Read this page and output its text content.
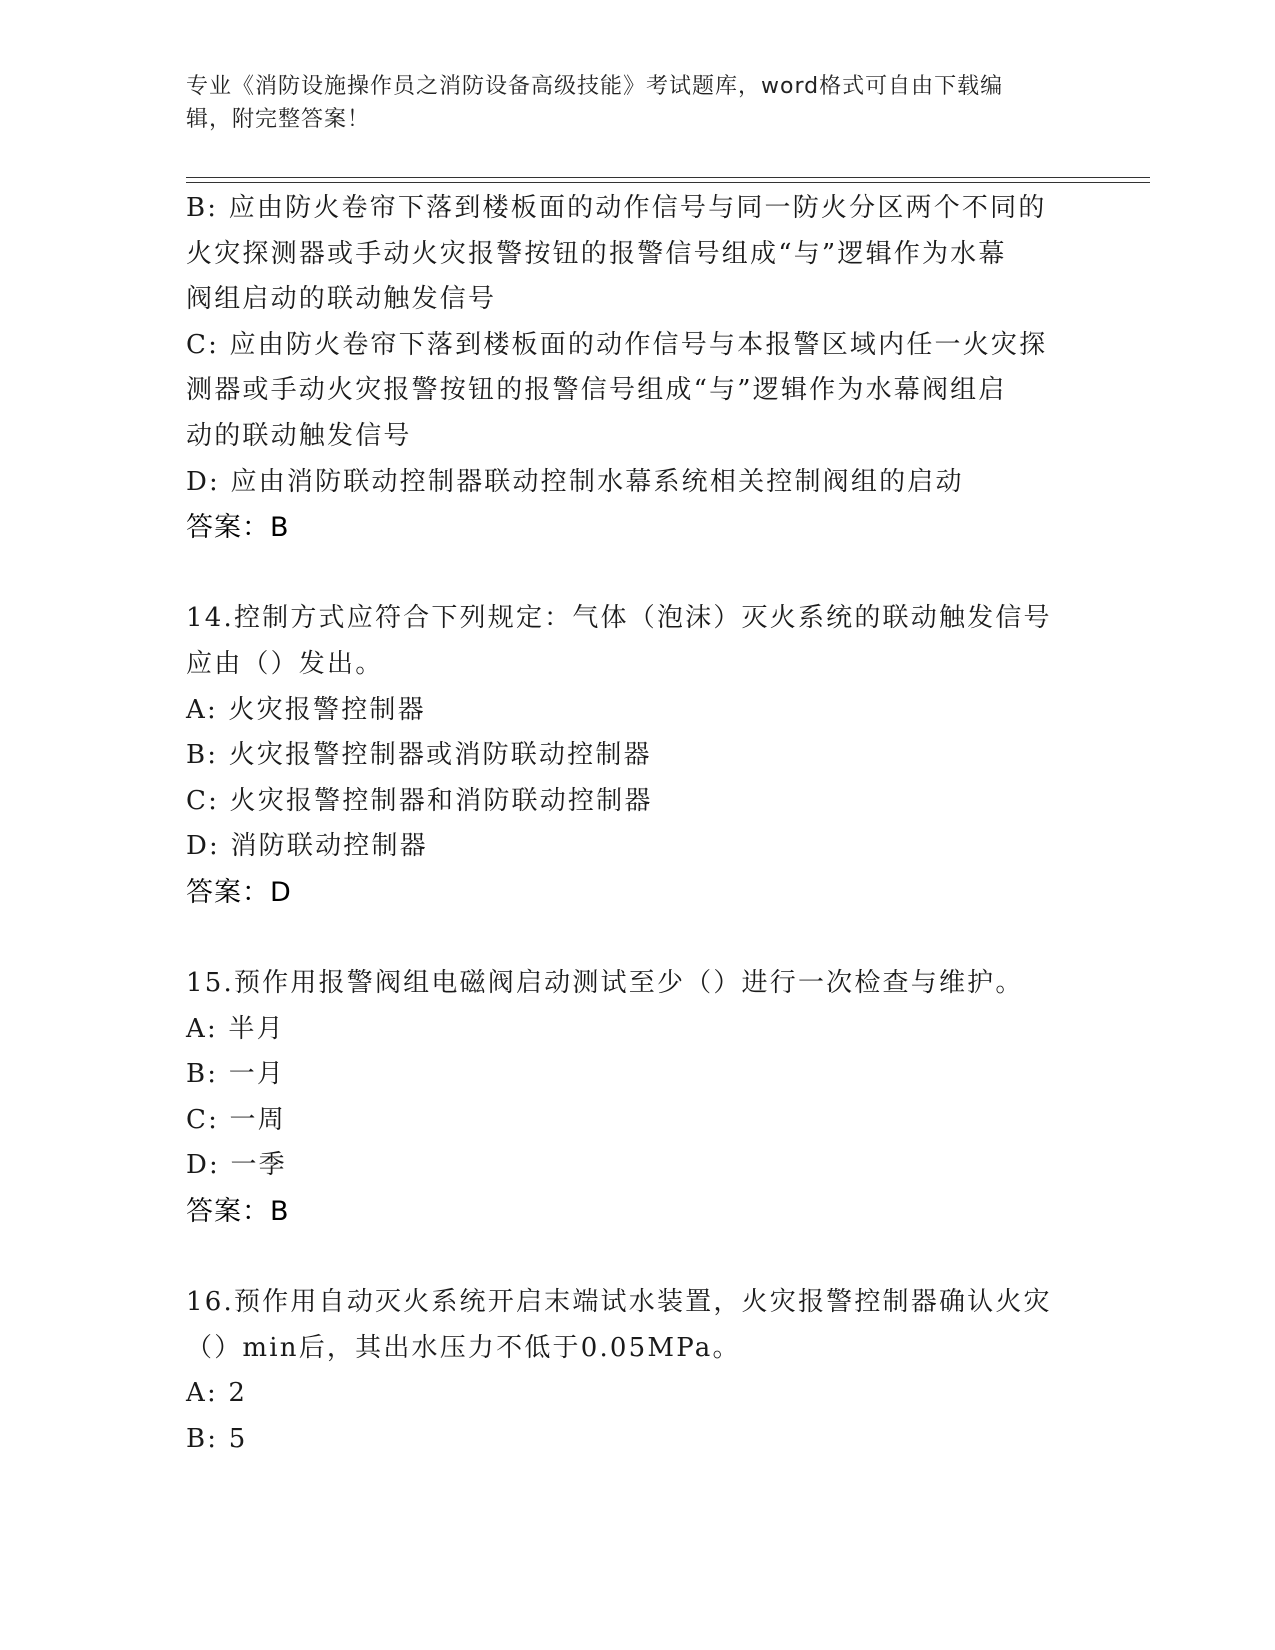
专业《消防设施操作员之消防设备高级技能》考试题库，word格式可自由下载编
辑，附完整答案！
B: 应由防火卷帘下落到楼板面的动作信号与同一防火分区两个不同的
火灾探测器或手动火灾报警按钮的报警信号组成“与”逻辑作为水幕
阀组启动的联动触发信号
C: 应由防火卷帘下落到楼板面的动作信号与本报警区域内任一火灾探
测器或手动火灾报警按钮的报警信号组成“与”逻辑作为水幕阀组启
动的联动触发信号
D: 应由消防联动控制器联动控制水幕系统相关控制阀组的启动
答案：B
14.控制方式应符合下列规定：气体（泡沫）灭火系统的联动触发信号
应由（）发出。
A: 火灾报警控制器
B: 火灾报警控制器或消防联动控制器
C: 火灾报警控制器和消防联动控制器
D: 消防联动控制器
答案：D
15.预作用报警阀组电磁阀启动测试至少（）进行一次检查与维护。
A: 半月
B: 一月
C: 一周
D: 一季
答案：B
16.预作用自动灭火系统开启末端试水装置，火灾报警控制器确认火灾
（）min后，其出水压力不低于0.05MPa。
A: 2
B: 5
